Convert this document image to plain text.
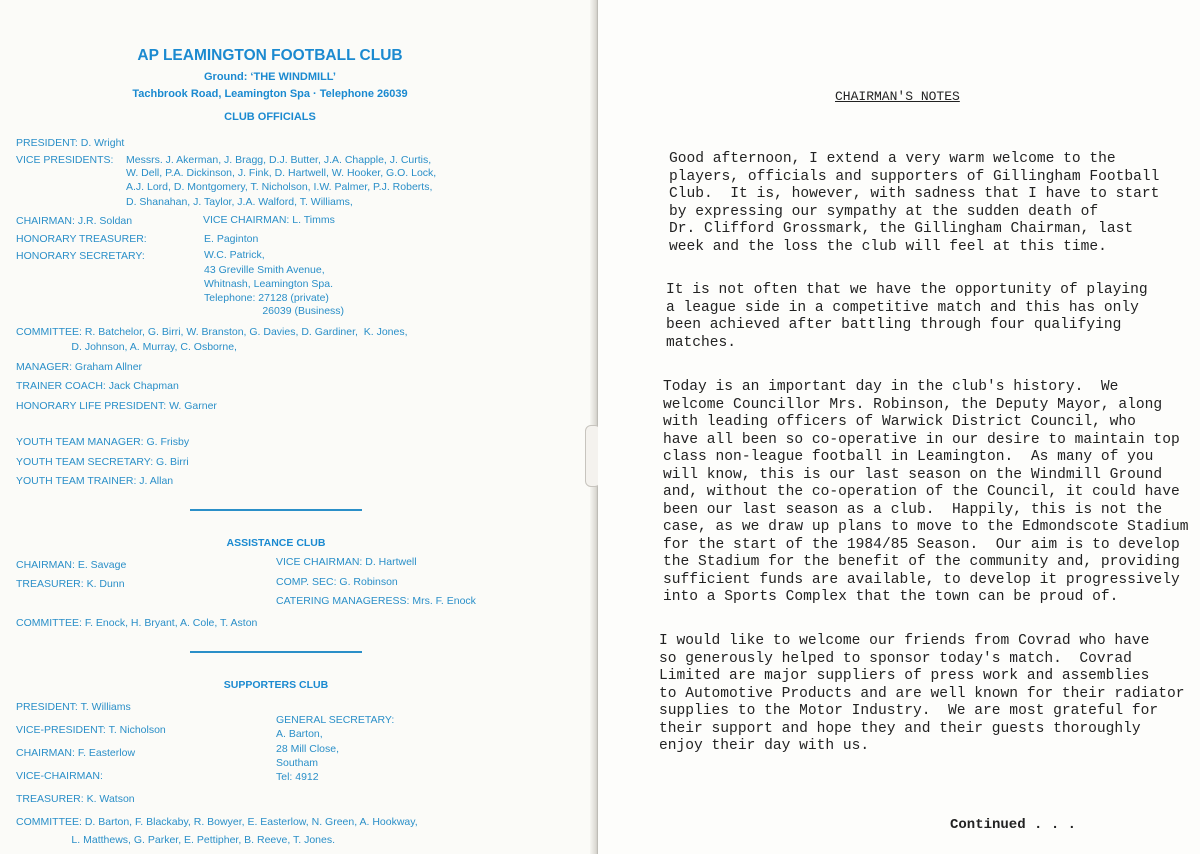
AP LEAMINGTON FOOTBALL CLUB
Ground: ‘THE WINDMILL’
Tachbrook Road, Leamington Spa · Telephone 26039
CLUB OFFICIALS
PRESIDENT: D. Wright
VICE PRESIDENTS: Messrs. J. Akerman, J. Bragg, D.J. Butter, J.A. Chapple, J. Curtis,
W. Dell, P.A. Dickinson, J. Fink, D. Hartwell, W. Hooker, G.O. Lock,
A.J. Lord, D. Montgomery, T. Nicholson, I.W. Palmer, P.J. Roberts,
D. Shanahan, J. Taylor, J.A. Walford, T. Williams,
CHAIRMAN: J.R. Soldan	VICE CHAIRMAN: L. Timms
HONORARY TREASURER:	E. Paginton
HONORARY SECRETARY:	W.C. Patrick,
43 Greville Smith Avenue,
Whitnash, Leamington Spa.
Telephone: 27128 (private)
26039 (Business)
COMMITTEE: R. Batchelor, G. Birri, W. Branston, G. Davies, D. Gardiner,  K. Jones,
D. Johnson, A. Murray, C. Osborne,
MANAGER: Graham Allner
TRAINER COACH: Jack Chapman
HONORARY LIFE PRESIDENT: W. Garner
YOUTH TEAM MANAGER: G. Frisby
YOUTH TEAM SECRETARY: G. Birri
YOUTH TEAM TRAINER: J. Allan
ASSISTANCE CLUB
CHAIRMAN: E. Savage
TREASURER: K. Dunn
VICE CHAIRMAN: D. Hartwell
COMP. SEC: G. Robinson
CATERING MANAGERESS: Mrs. F. Enock
COMMITTEE: F. Enock, H. Bryant, A. Cole, T. Aston
SUPPORTERS CLUB
PRESIDENT: T. Williams
VICE-PRESIDENT: T. Nicholson
CHAIRMAN: F. Easterlow
VICE-CHAIRMAN:
TREASURER: K. Watson
GENERAL SECRETARY:
A. Barton,
28 Mill Close,
Southam
Tel: 4912
COMMITTEE: D. Barton, F. Blackaby, R. Bowyer, E. Easterlow, N. Green, A. Hookway,
L. Matthews, G. Parker, E. Pettipher, B. Reeve, T. Jones.
CHAIRMAN'S NOTES
Good afternoon, I extend a very warm welcome to the
players, officials and supporters of Gillingham Football
Club.  It is, however, with sadness that I have to start
by expressing our sympathy at the sudden death of
Dr. Clifford Grossmark, the Gillingham Chairman, last
week and the loss the club will feel at this time.
It is not often that we have the opportunity of playing
a league side in a competitive match and this has only
been achieved after battling through four qualifying
matches.
Today is an important day in the club's history.  We
welcome Councillor Mrs. Robinson, the Deputy Mayor, along
with leading officers of Warwick District Council, who
have all been so co-operative in our desire to maintain top
class non-league football in Leamington.  As many of you
will know, this is our last season on the Windmill Ground
and, without the co-operation of the Council, it could have
been our last season as a club.  Happily, this is not the
case, as we draw up plans to move to the Edmondscote Stadium
for the start of the 1984/85 Season.  Our aim is to develop
the Stadium for the benefit of the community and, providing
sufficient funds are available, to develop it progressively
into a Sports Complex that the town can be proud of.
I would like to welcome our friends from Covrad who have
so generously helped to sponsor today's match.  Covrad
Limited are major suppliers of press work and assemblies
to Automotive Products and are well known for their radiator
supplies to the Motor Industry.  We are most grateful for
their support and hope they and their guests thoroughly
enjoy their day with us.
Continued . . .
